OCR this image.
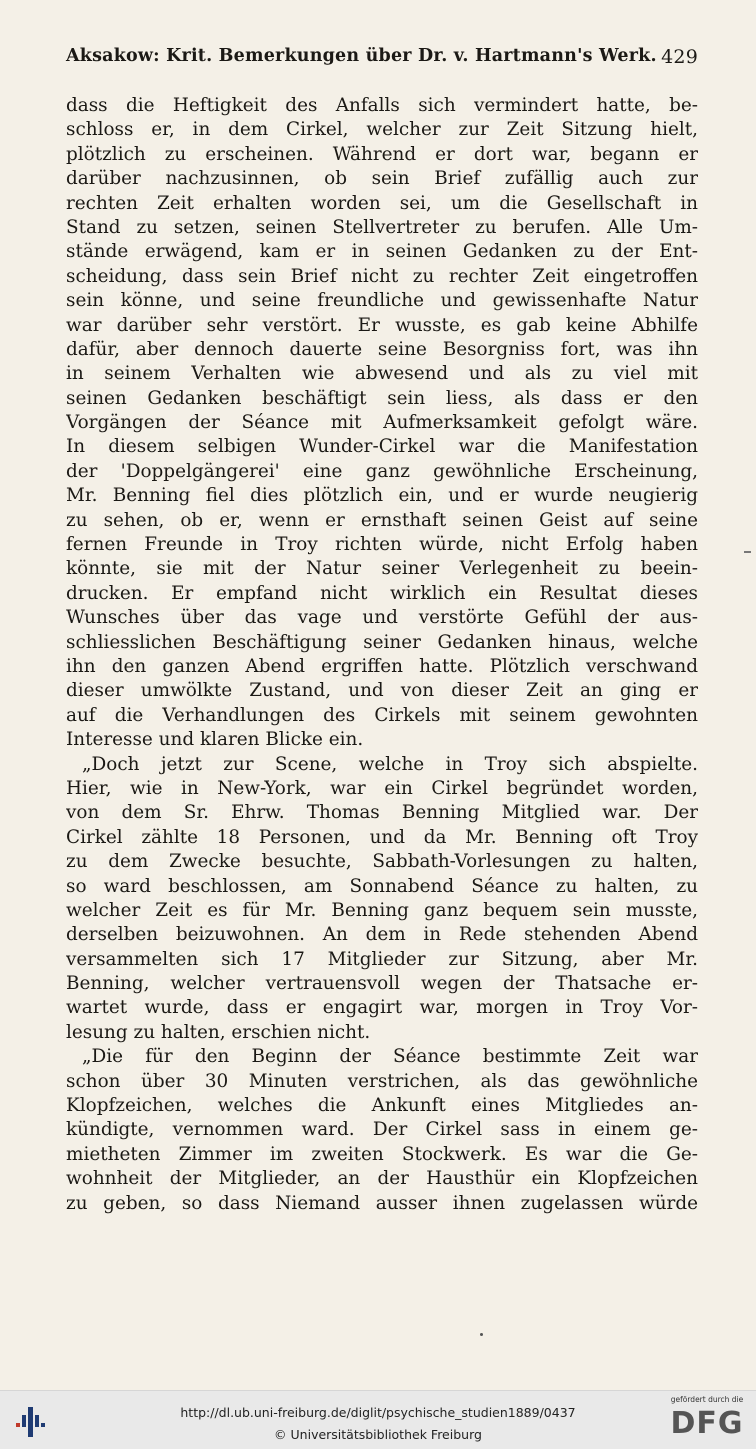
Aksakow: Krit. Bemerkungen über Dr. v. Hartmann's Werk. 429
dass die Heftigkeit des Anfalls sich vermindert hatte, be-
schloss er, in dem Cirkel, welcher zur Zeit Sitzung hielt,
plötzlich zu erscheinen. Während er dort war, begann er
darüber nachzusinnen, ob sein Brief zufällig auch zur
rechten Zeit erhalten worden sei, um die Gesellschaft in
Stand zu setzen, seinen Stellvertreter zu berufen. Alle Um-
stände erwägend, kam er in seinen Gedanken zu der Ent-
scheidung, dass sein Brief nicht zu rechter Zeit eingetroffen
sein könne, und seine freundliche und gewissenhafte Natur
war darüber sehr verstört. Er wusste, es gab keine Abhilfe
dafür, aber dennoch dauerte seine Besorgniss fort, was ihn
in seinem Verhalten wie abwesend und als zu viel mit
seinen Gedanken beschäftigt sein liess, als dass er den
Vorgängen der Séance mit Aufmerksamkeit gefolgt wäre.
In diesem selbigen Wunder-Cirkel war die Manifestation
der 'Doppelgängerei' eine ganz gewöhnliche Erscheinung,
Mr. Benning fiel dies plötzlich ein, und er wurde neugierig
zu sehen, ob er, wenn er ernsthaft seinen Geist auf seine
fernen Freunde in Troy richten würde, nicht Erfolg haben
könnte, sie mit der Natur seiner Verlegenheit zu beein-
drucken. Er empfand nicht wirklich ein Resultat dieses
Wunsches über das vage und verstörte Gefühl der aus-
schliesslichen Beschäftigung seiner Gedanken hinaus, welche
ihn den ganzen Abend ergriffen hatte. Plötzlich verschwand
dieser umwölkte Zustand, und von dieser Zeit an ging er
auf die Verhandlungen des Cirkels mit seinem gewohnten
Interesse und klaren Blicke ein.
„Doch jetzt zur Scene, welche in Troy sich abspielte.
Hier, wie in New-York, war ein Cirkel begründet worden,
von dem Sr. Ehrw. Thomas Benning Mitglied war. Der
Cirkel zählte 18 Personen, und da Mr. Benning oft Troy
zu dem Zwecke besuchte, Sabbath-Vorlesungen zu halten,
so ward beschlossen, am Sonnabend Séance zu halten, zu
welcher Zeit es für Mr. Benning ganz bequem sein musste,
derselben beizuwohnen. An dem in Rede stehenden Abend
versammelten sich 17 Mitglieder zur Sitzung, aber Mr.
Benning, welcher vertrauensvoll wegen der Thatsache er-
wartet wurde, dass er engagirt war, morgen in Troy Vor-
lesung zu halten, erschien nicht.
„Die für den Beginn der Séance bestimmte Zeit war
schon über 30 Minuten verstrichen, als das gewöhnliche
Klopfzeichen, welches die Ankunft eines Mitgliedes an-
kündigte, vernommen ward. Der Cirkel sass in einem ge-
mietheten Zimmer im zweiten Stockwerk. Es war die Ge-
wohnheit der Mitglieder, an der Hausthür ein Klopfzeichen
zu geben, so dass Niemand ausser ihnen zugelassen würde
http://dl.ub.uni-freiburg.de/diglit/psychische_studien1889/0437
© Universitätsbibliothek Freiburg
gefördert durch die
DFG
